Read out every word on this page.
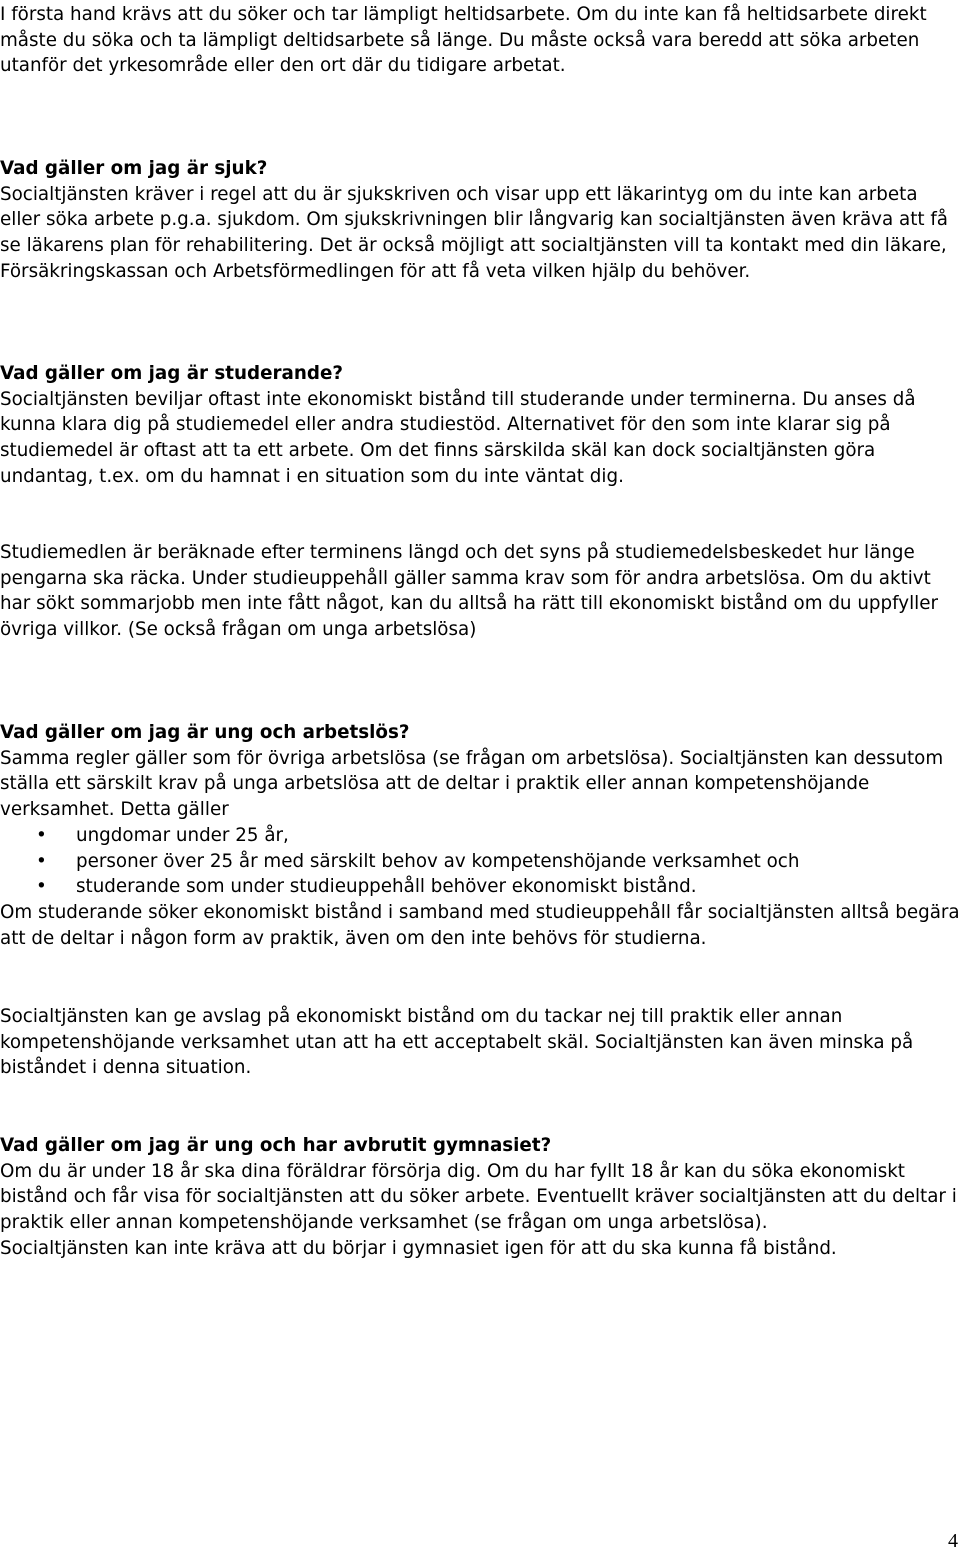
I första hand krävs att du söker och tar lämpligt heltidsarbete. Om du inte kan få heltidsarbete direkt måste du söka och ta lämpligt deltidsarbete så länge. Du måste också vara beredd att söka arbeten utanför det yrkesområde eller den ort där du tidigare arbetat.

Vad gäller om jag är sjuk?

Socialtjänsten kräver i regel att du är sjukskriven och visar upp ett läkarintyg om du inte kan arbeta eller söka arbete p.g.a. sjukdom. Om sjukskrivningen blir långvarig kan socialtjänsten även kräva att få se läkarens plan för rehabilitering. Det är också möjligt att socialtjänsten vill ta kontakt med din läkare, Försäkringskassan och Arbetsförmedlingen för att få veta vilken hjälp du behöver.

Vad gäller om jag är studerande?

Socialtjänsten beviljar oftast inte ekonomiskt bistånd till studerande under terminerna. Du anses då kunna klara dig på studiemedel eller andra studiestöd. Alternativet för den som inte klarar sig på studiemedel är oftast att ta ett arbete. Om det finns särskilda skäl kan dock socialtjänsten göra undantag, t.ex. om du hamnat i en situation som du inte väntat dig.

Studiemedlen är beräknade efter terminens längd och det syns på studiemedelsbeskedet hur länge pengarna ska räcka. Under studieuppehåll gäller samma krav som för andra arbetslösa. Om du aktivt har sökt sommarjobb men inte fått något, kan du alltså ha rätt till ekonomiskt bistånd om du uppfyller övriga villkor. (Se också frågan om unga arbetslösa)

Vad gäller om jag är ung och arbetslös?

Samma regler gäller som för övriga arbetslösa (se frågan om arbetslösa). Socialtjänsten kan dessutom ställa ett särskilt krav på unga arbetslösa att de deltar i praktik eller annan kompetenshöjande verksamhet. Detta gäller

• ungdomar under 25 år,
• personer över 25 år med särskilt behov av kompetenshöjande verksamhet och
• studerande som under studieuppehåll behöver ekonomiskt bistånd.

Om studerande söker ekonomiskt bistånd i samband med studieuppehåll får socialtjänsten alltså begära att de deltar i någon form av praktik, även om den inte behövs för studierna.

Socialtjänsten kan ge avslag på ekonomiskt bistånd om du tackar nej till praktik eller annan kompetenshöjande verksamhet utan att ha ett acceptabelt skäl. Socialtjänsten kan även minska på biståndet i denna situation.

Vad gäller om jag är ung och har avbrutit gymnasiet?

Om du är under 18 år ska dina föräldrar försörja dig. Om du har fyllt 18 år kan du söka ekonomiskt bistånd och får visa för socialtjänsten att du söker arbete. Eventuellt kräver socialtjänsten att du deltar i praktik eller annan kompetenshöjande verksamhet (se frågan om unga arbetslösa).

Socialtjänsten kan inte kräva att du börjar i gymnasiet igen för att du ska kunna få bistånd.

4
